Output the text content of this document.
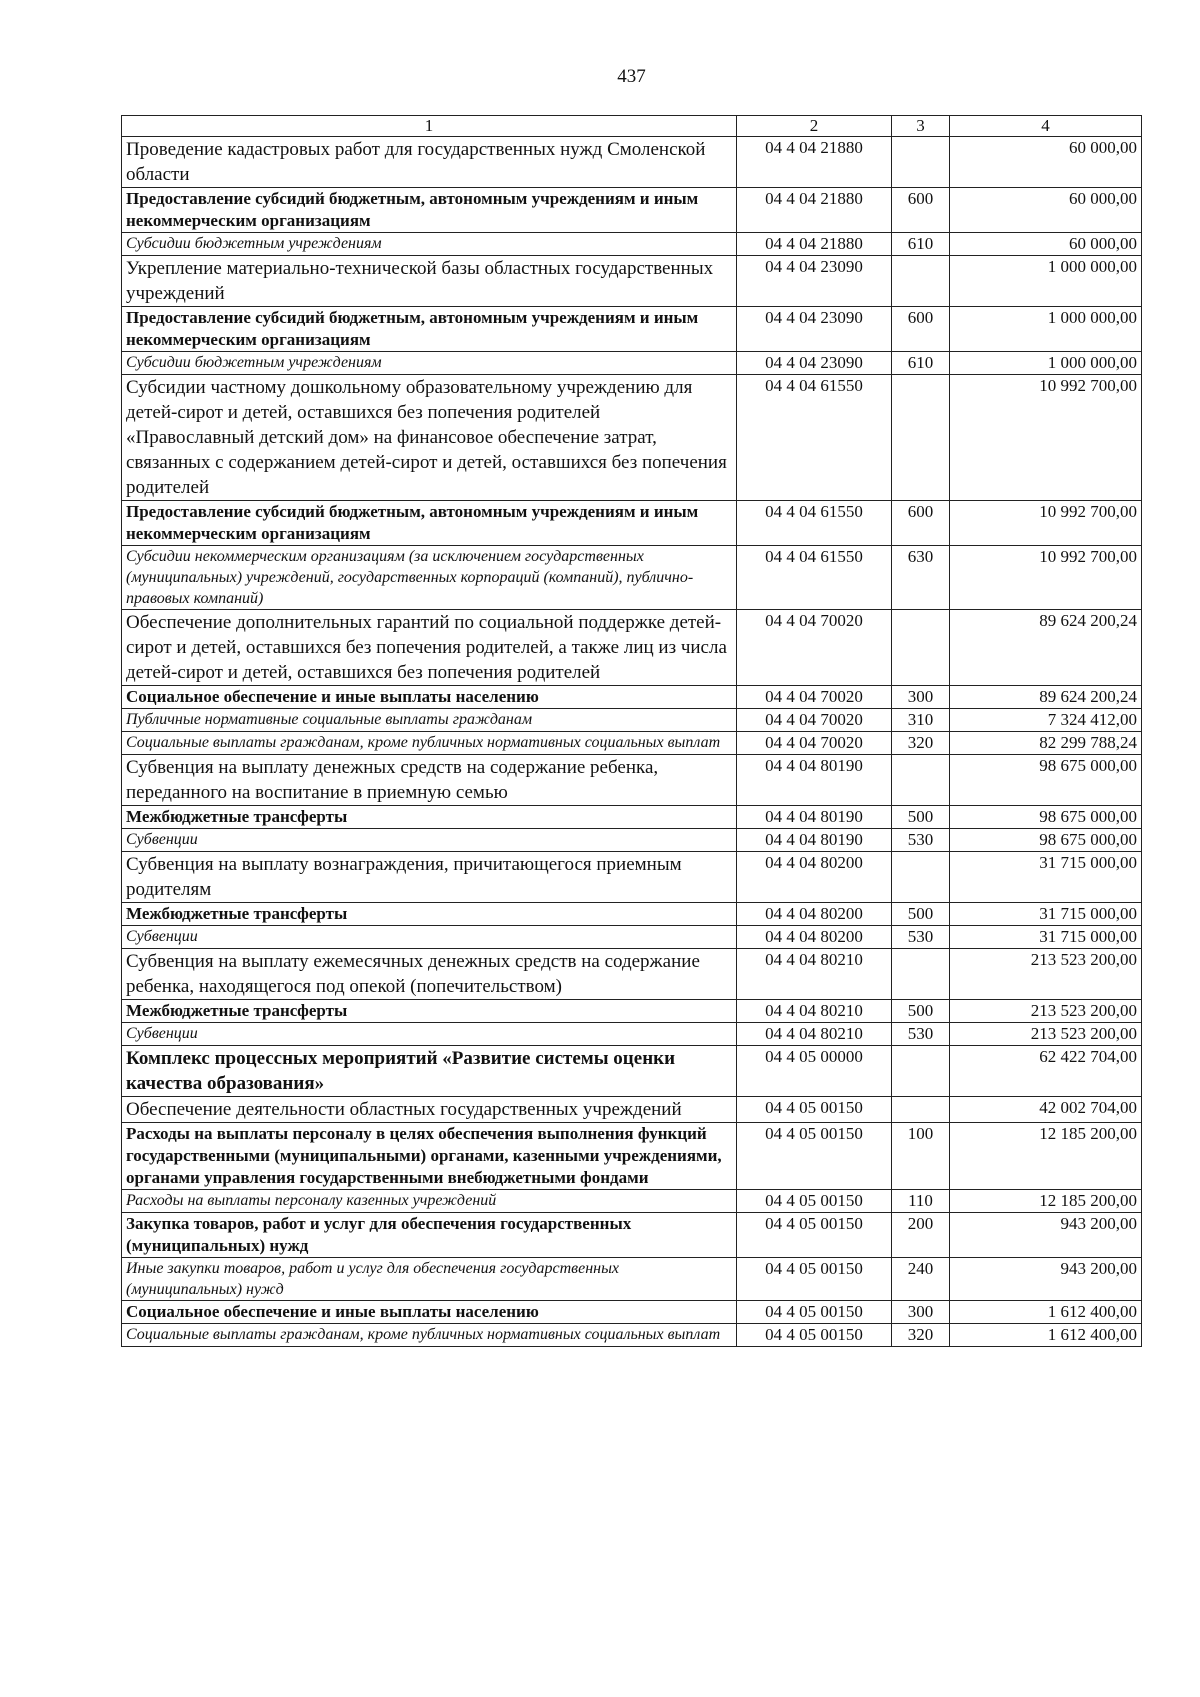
437
1	2	3	4
Проведение кадастровых работ для государственных нужд Смоленской области	04 4 04 21880		60 000,00
Предоставление субсидий бюджетным, автономным учреждениям и иным некоммерческим организациям	04 4 04 21880	600	60 000,00
Субсидии бюджетным учреждениям	04 4 04 21880	610	60 000,00
Укрепление материально-технической базы областных государственных учреждений	04 4 04 23090		1 000 000,00
Предоставление субсидий бюджетным, автономным учреждениям и иным некоммерческим организациям	04 4 04 23090	600	1 000 000,00
Субсидии бюджетным учреждениям	04 4 04 23090	610	1 000 000,00
Субсидии частному дошкольному образовательному учреждению для детей-сирот и детей, оставшихся без попечения родителей «Православный детский дом» на финансовое обеспечение затрат, связанных с содержанием детей-сирот и детей, оставшихся без попечения родителей	04 4 04 61550		10 992 700,00
Предоставление субсидий бюджетным, автономным учреждениям и иным некоммерческим организациям	04 4 04 61550	600	10 992 700,00
Субсидии некоммерческим организациям (за исключением государственных (муниципальных) учреждений, государственных корпораций (компаний), публично-правовых компаний)	04 4 04 61550	630	10 992 700,00
Обеспечение дополнительных гарантий по социальной поддержке детей-сирот и детей, оставшихся без попечения родителей, а также лиц из числа детей-сирот и детей, оставшихся без попечения родителей	04 4 04 70020		89 624 200,24
Социальное обеспечение и иные выплаты населению	04 4 04 70020	300	89 624 200,24
Публичные нормативные социальные выплаты гражданам	04 4 04 70020	310	7 324 412,00
Социальные выплаты гражданам, кроме публичных нормативных социальных выплат	04 4 04 70020	320	82 299 788,24
Субвенция на выплату денежных средств на содержание ребенка, переданного на воспитание в приемную семью	04 4 04 80190		98 675 000,00
Межбюджетные трансферты	04 4 04 80190	500	98 675 000,00
Субвенции	04 4 04 80190	530	98 675 000,00
Субвенция на выплату вознаграждения, причитающегося приемным родителям	04 4 04 80200		31 715 000,00
Межбюджетные трансферты	04 4 04 80200	500	31 715 000,00
Субвенции	04 4 04 80200	530	31 715 000,00
Субвенция на выплату ежемесячных денежных средств на содержание ребенка, находящегося под опекой (попечительством)	04 4 04 80210		213 523 200,00
Межбюджетные трансферты	04 4 04 80210	500	213 523 200,00
Субвенции	04 4 04 80210	530	213 523 200,00
Комплекс процессных мероприятий «Развитие системы оценки качества образования»	04 4 05 00000		62 422 704,00
Обеспечение деятельности областных государственных учреждений	04 4 05 00150		42 002 704,00
Расходы на выплаты персоналу в целях обеспечения выполнения функций государственными (муниципальными) органами, казенными учреждениями, органами управления государственными внебюджетными фондами	04 4 05 00150	100	12 185 200,00
Расходы на выплаты персоналу казенных учреждений	04 4 05 00150	110	12 185 200,00
Закупка товаров, работ и услуг для обеспечения государственных (муниципальных) нужд	04 4 05 00150	200	943 200,00
Иные закупки товаров, работ и услуг для обеспечения государственных (муниципальных) нужд	04 4 05 00150	240	943 200,00
Социальное обеспечение и иные выплаты населению	04 4 05 00150	300	1 612 400,00
Социальные выплаты гражданам, кроме публичных нормативных социальных выплат	04 4 05 00150	320	1 612 400,00
